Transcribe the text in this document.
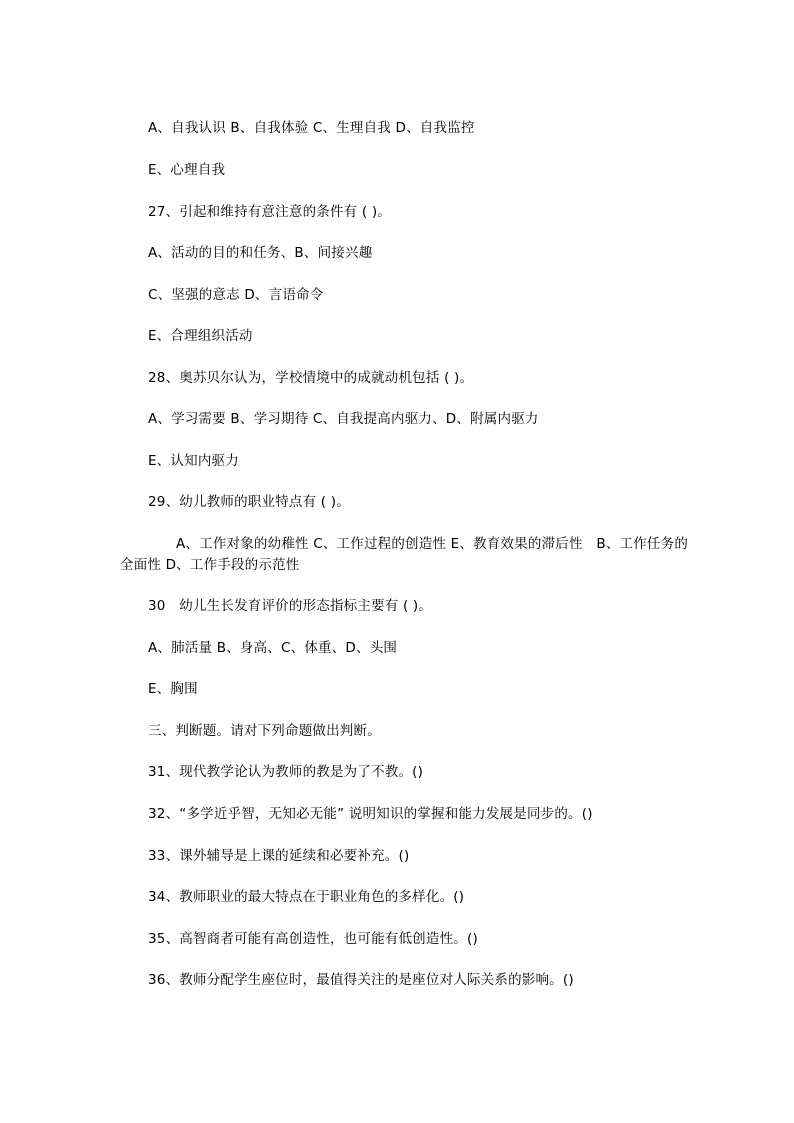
A、自我认识 B、自我体验 C、生理自我 D、自我监控
E、心理自我
27、引起和维持有意注意的条件有 ( )。
A、活动的目的和任务、B、间接兴趣
C、坚强的意志 D、言语命令
E、合理组织活动
28、奥苏贝尔认为，学校情境中的成就动机包括 ( )。
A、学习需要 B、学习期待 C、自我提高内驱力、D、附属内驱力
E、认知内驱力
29、幼儿教师的职业特点有 ( )。
A、工作对象的幼稚性 C、工作过程的创造性 E、教育效果的滞后性　B、工作任务的全面性 D、工作手段的示范性
30　幼儿生长发育评价的形态指标主要有 ( )。
A、肺活量 B、身高、C、体重、D、头围
E、胸围
三、判断题。请对下列命题做出判断。
31、现代教学论认为教师的教是为了不教。()
32、“多学近乎智，无知必无能” 说明知识的掌握和能力发展是同步的。()
33、课外辅导是上课的延续和必要补充。()
34、教师职业的最大特点在于职业角色的多样化。()
35、高智商者可能有高创造性，也可能有低创造性。()
36、教师分配学生座位时，最值得关注的是座位对人际关系的影响。()
